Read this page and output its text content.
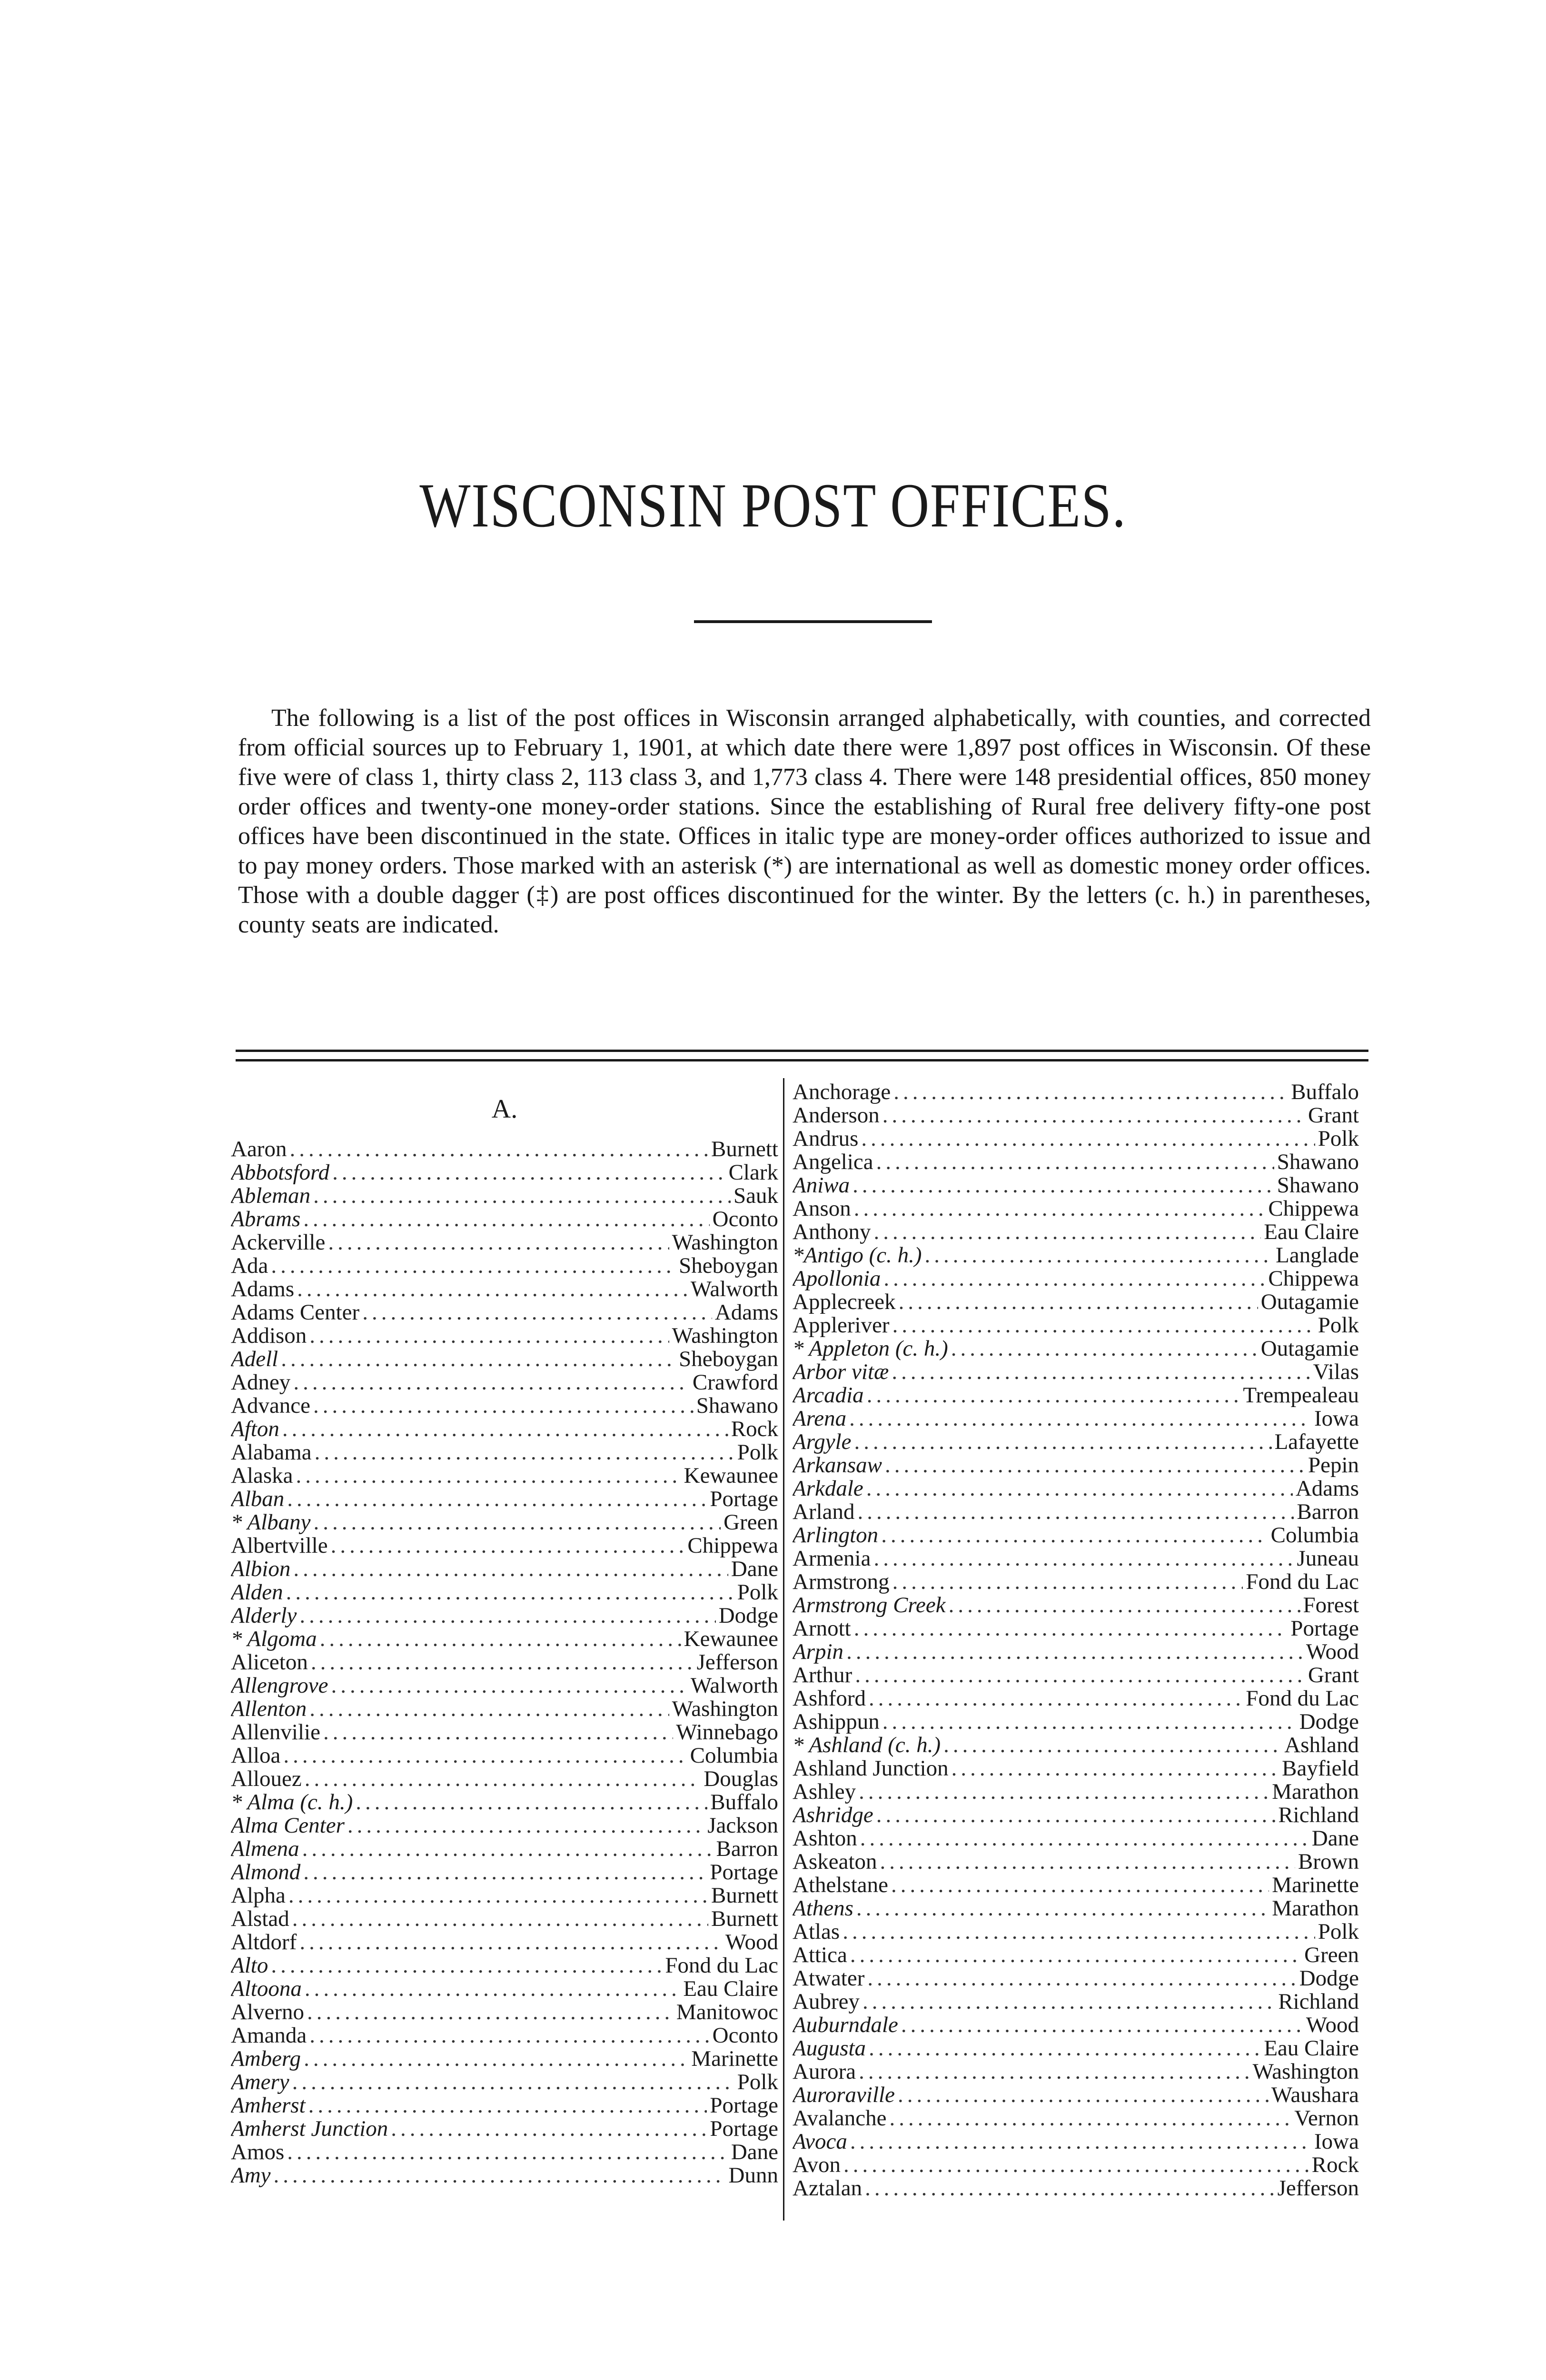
WISCONSIN POST OFFICES.

The following is a list of the post offices in Wisconsin arranged alphabetically, with counties, and corrected from official sources up to February 1, 1901, at which date there were 1,897 post offices in Wisconsin. Of these five were of class 1, thirty class 2, 113 class 3, and 1,773 class 4. There were 148 presidential offices, 850 money order offices and twenty-one money-order stations. Since the establishing of Rural free delivery fifty-one post offices have been discontinued in the state. Offices in italic type are money-order offices authorized to issue and to pay money orders. Those marked with an asterisk (*) are international as well as domestic money order offices. Those with a double dagger (‡) are post offices discontinued for the winter. By the letters (c. h.) in parentheses, county seats are indicated.

A.
Aaron .....	Burnett
Abbotsford .....	Clark
Ableman .....	Sauk
Abrams .....	Oconto
Ackerville .....	Washington
Ada .....	Sheboygan
Adams .....	Walworth
Adams Center .....	Adams
Addison .....	Washington
Adell .....	Sheboygan
Adney .....	Crawford
Advance .....	Shawano
Afton .....	Rock
Alabama .....	Polk
Alaska .....	Kewaunee
Alban .....	Portage
* Albany .....	Green
Albertville .....	Chippewa
Albion .....	Dane
Alden .....	Polk
Alderly .....	Dodge
* Algoma .....	Kewaunee
Aliceton .....	Jefferson
Allengrove .....	Walworth
Allenton .....	Washington
Allenvilie .....	Winnebago
Alloa .....	Columbia
Allouez .....	Douglas
* Alma (c. h.) .....	Buffalo
Alma Center .....	Jackson
Almena .....	Barron
Almond .....	Portage
Alpha .....	Burnett
Alstad .....	Burnett
Altdorf .....	Wood
Alto .....	Fond du Lac
Altoona .....	Eau Claire
Alverno .....	Manitowoc
Amanda .....	Oconto
Amberg .....	Marinette
Amery .....	Polk
Amherst .....	Portage
Amherst Junction .....	Portage
Amos .....	Dane
Amy .....	Dunn
Anchorage .....	Buffalo
Anderson .....	Grant
Andrus .....	Polk
Angelica .....	Shawano
Aniwa .....	Shawano
Anson .....	Chippewa
Anthony .....	Eau Claire
*Antigo (c. h.) .....	Langlade
Apollonia .....	Chippewa
Applecreek .....	Outagamie
Appleriver .....	Polk
* Appleton (c. h.) .....	Outagamie
Arbor vitæ .....	Vilas
Arcadia .....	Trempealeau
Arena .....	Iowa
Argyle .....	Lafayette
Arkansaw .....	Pepin
Arkdale .....	Adams
Arland .....	Barron
Arlington .....	Columbia
Armenia .....	Juneau
Armstrong .....	Fond du Lac
Armstrong Creek .....	Forest
Arnott .....	Portage
Arpin .....	Wood
Arthur .....	Grant
Ashford .....	Fond du Lac
Ashippun .....	Dodge
* Ashland (c. h.) .....	Ashland
Ashland Junction .....	Bayfield
Ashley .....	Marathon
Ashridge .....	Richland
Ashton .....	Dane
Askeaton .....	Brown
Athelstane .....	Marinette
Athens .....	Marathon
Atlas .....	Polk
Attica .....	Green
Atwater .....	Dodge
Aubrey .....	Richland
Auburndale .....	Wood
Augusta .....	Eau Claire
Aurora .....	Washington
Auroraville .....	Waushara
Avalanche .....	Vernon
Avoca .....	Iowa
Avon .....	Rock
Aztalan .....	Jefferson
